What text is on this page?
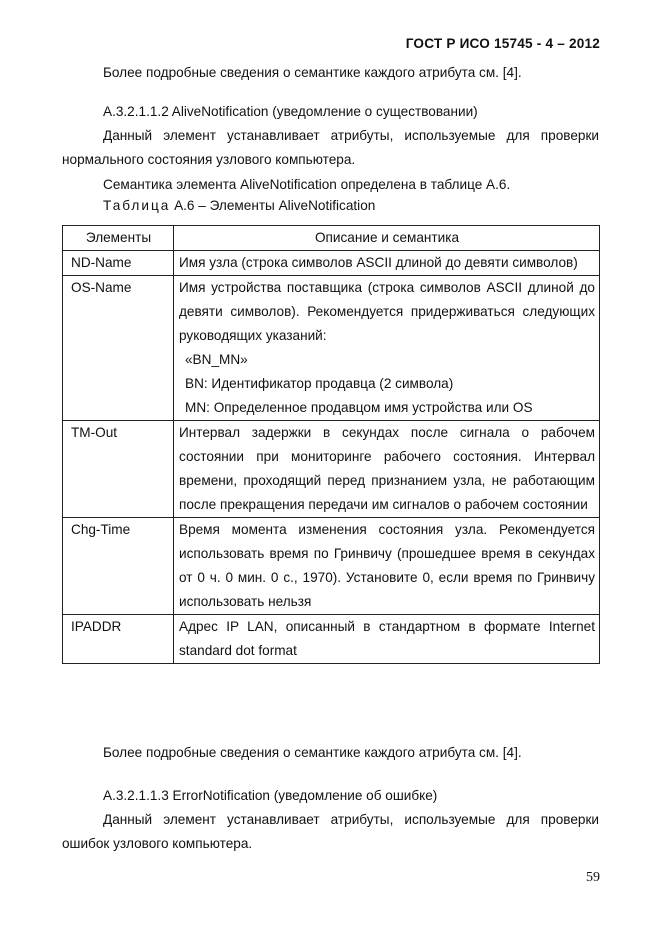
ГОСТ Р ИСО 15745 - 4 – 2012
Более подробные сведения о семантике каждого атрибута см. [4].
A.3.2.1.1.2 AliveNotification (уведомление о существовании)
Данный элемент устанавливает атрибуты, используемые для проверки нормального состояния узлового компьютера.
Семантика элемента AliveNotification определена в таблице А.6.
Таблица А.6 – Элементы AliveNotification
Элементы	Описание и семантика
ND-Name	Имя узла (строка символов ASCII длиной до девяти символов)
OS-Name	Имя устройства поставщика (строка символов ASCII длиной до девяти символов). Рекомендуется придерживаться следующих руководящих указаний:
«BN_MN»
BN: Идентификатор продавца (2 символа)
MN: Определенное продавцом имя устройства или OS

TM-Out	Интервал задержки в секундах после сигнала о рабочем состоянии при мониторинге рабочего состояния. Интервал времени, проходящий перед признанием узла, не работающим после прекращения передачи им сигналов о рабочем состоянии
Chg-Time	Время момента изменения состояния узла. Рекомендуется использовать время по Гринвичу (прошедшее время в секундах от 0 ч. 0 мин. 0 с., 1970). Установите 0, если время по Гринвичу использовать нельзя
IPADDR	Адрес IP LAN, описанный в стандартном в формате Internet standard dot format
Более подробные сведения о семантике каждого атрибута см. [4].
A.3.2.1.1.3 ErrorNotification (уведомление об ошибке)
Данный элемент устанавливает атрибуты, используемые для проверки ошибок узлового компьютера.
59
